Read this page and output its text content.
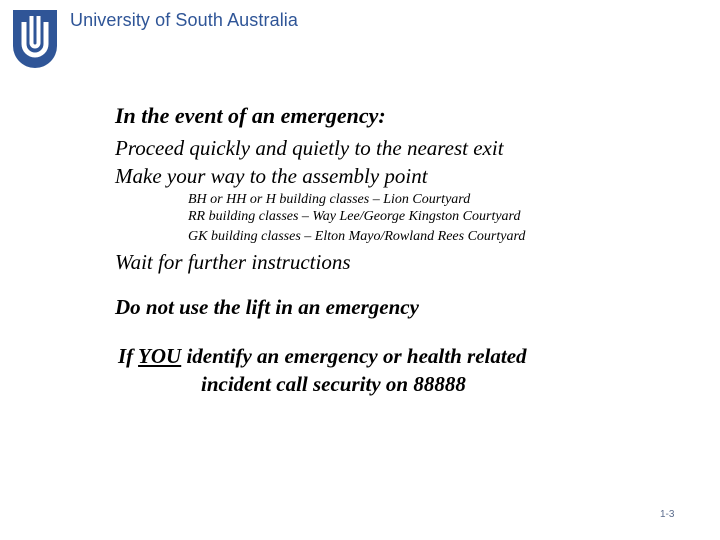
University of South Australia
In the event of an emergency:
Proceed quickly and quietly to the nearest exit
Make your way to the assembly point
BH or HH or H building classes – Lion Courtyard
RR building classes – Way Lee/George Kingston Courtyard
GK building classes – Elton Mayo/Rowland Rees Courtyard
Wait for further instructions
Do not use the lift in an emergency
If YOU identify an emergency or health related
incident call security on 88888
1-3
